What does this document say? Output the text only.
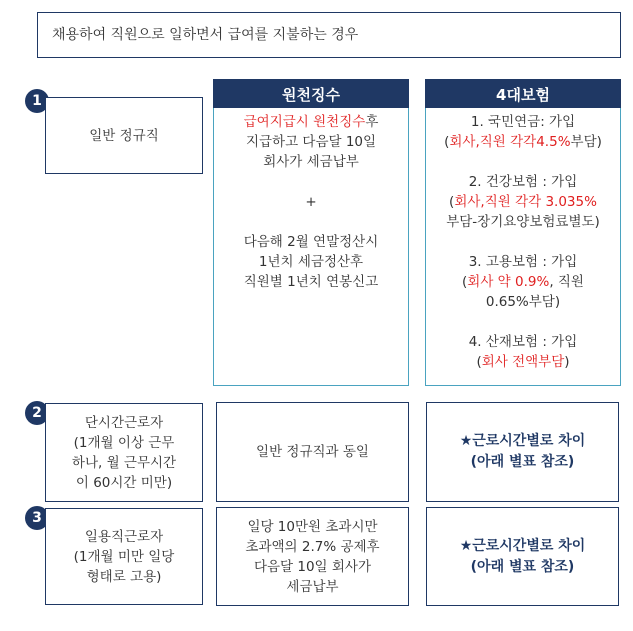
채용하여 직원으로 일하면서 급여를 지불하는 경우
1
일반 정규직
원천징수
급여지급시 원천징수후
지급하고 다음달 10일
회사가 세금납부
+
다음해 2월 연말정산시
1년치 세금정산후
직원별 1년치 연봉신고
4대보험
1. 국민연금: 가입
(회사,직원 각각4.5%부담)
2. 건강보험 : 가입
(회사,직원 각각 3.035%
부담-장기요양보험료별도)
3. 고용보험 : 가입
(회사 약 0.9%, 직원
0.65%부담)
4. 산재보험 : 가입
(회사 전액부담)
2
단시간근로자
(1개월 이상 근무
하나, 월 근무시간
이 60시간 미만)
일반 정규직과 동일
★근로시간별로 차이
(아래 별표 참조)
3
일용직근로자
(1개월 미만 일당
형태로 고용)
일당 10만원 초과시만
초과액의 2.7% 공제후
다음달 10일 회사가
세금납부
★근로시간별로 차이
(아래 별표 참조)
